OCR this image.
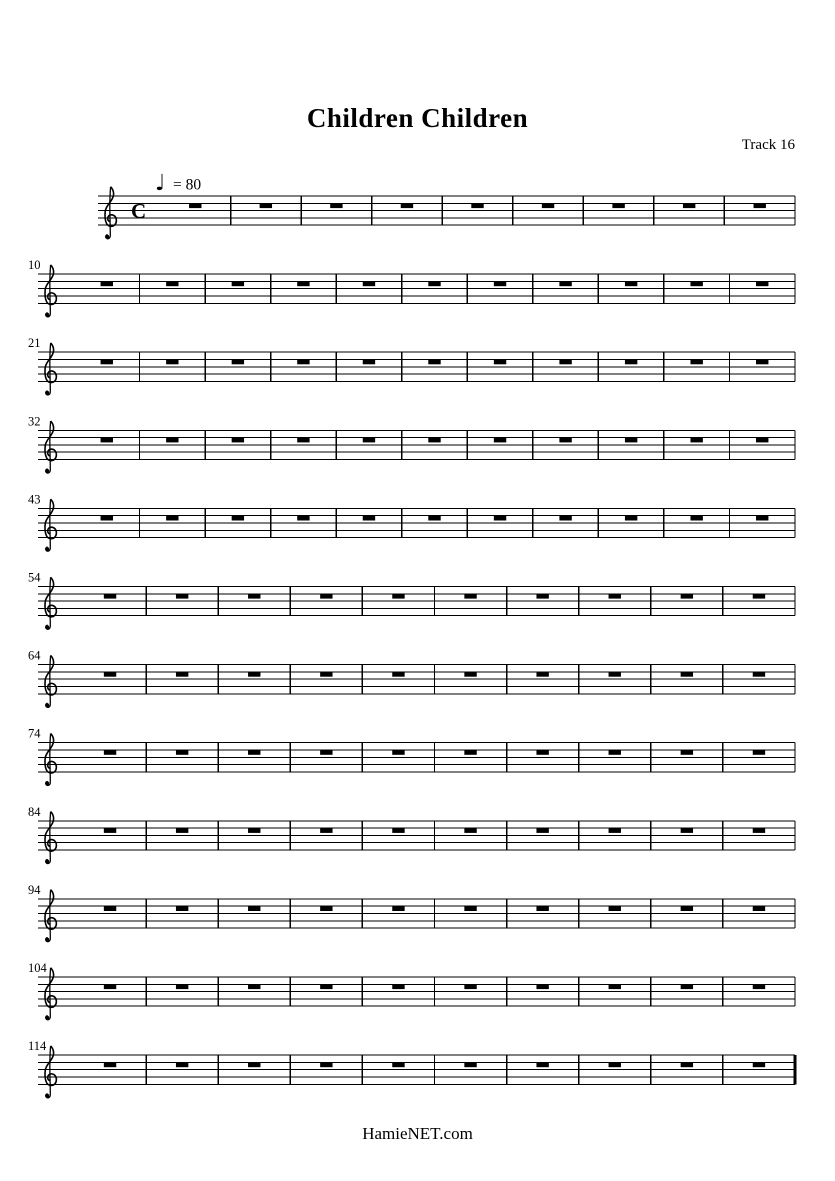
Children Children
Track 16
C
♩ = 80
10
21
32
43
54
64
74
84
94
104
114
HamieNET.com
